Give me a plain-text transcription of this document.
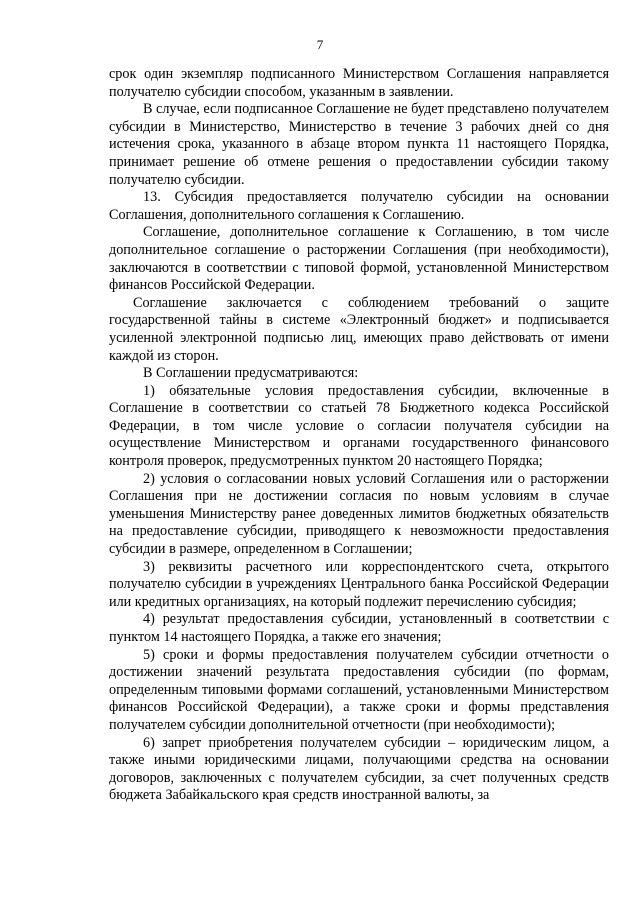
7

срок один экземпляр подписанного Министерством Соглашения направляется получателю субсидии способом, указанным в заявлении.

В случае, если подписанное Соглашение не будет представлено получателем субсидии в Министерство, Министерство в течение 3 рабочих дней со дня истечения срока, указанного в абзаце втором пункта 11 настоящего Порядка, принимает решение об отмене решения о предоставлении субсидии такому получателю субсидии.

13. Субсидия предоставляется получателю субсидии на основании Соглашения, дополнительного соглашения к Соглашению.

Соглашение, дополнительное соглашение к Соглашению, в том числе дополнительное соглашение о расторжении Соглашения (при необходимости), заключаются в соответствии с типовой формой, установленной Министерством финансов Российской Федерации.

Соглашение заключается с соблюдением требований о защите государственной тайны в системе «Электронный бюджет» и подписывается усиленной электронной подписью лиц, имеющих право действовать от имени каждой из сторон.

В Соглашении предусматриваются:

1) обязательные условия предоставления субсидии, включенные в Соглашение в соответствии со статьей 78 Бюджетного кодекса Российской Федерации, в том числе условие о согласии получателя субсидии на осуществление Министерством и органами государственного финансового контроля проверок, предусмотренных пунктом 20 настоящего Порядка;

2) условия о согласовании новых условий Соглашения или о расторжении Соглашения при не достижении согласия по новым условиям в случае уменьшения Министерству ранее доведенных лимитов бюджетных обязательств на предоставление субсидии, приводящего к невозможности предоставления субсидии в размере, определенном в Соглашении;

3) реквизиты расчетного или корреспондентского счета, открытого получателю субсидии в учреждениях Центрального банка Российской Федерации или кредитных организациях, на который подлежит перечислению субсидия;

4) результат предоставления субсидии, установленный в соответствии с пунктом 14 настоящего Порядка, а также его значения;

5) сроки и формы предоставления получателем субсидии отчетности о достижении значений результата предоставления субсидии (по формам, определенным типовыми формами соглашений, установленными Министерством финансов Российской Федерации), а также сроки и формы представления получателем субсидии дополнительной отчетности (при необходимости);

6) запрет приобретения получателем субсидии – юридическим лицом, а также иными юридическими лицами, получающими средства на основании договоров, заключенных с получателем субсидии, за счет полученных средств бюджета Забайкальского края средств иностранной валюты, за
